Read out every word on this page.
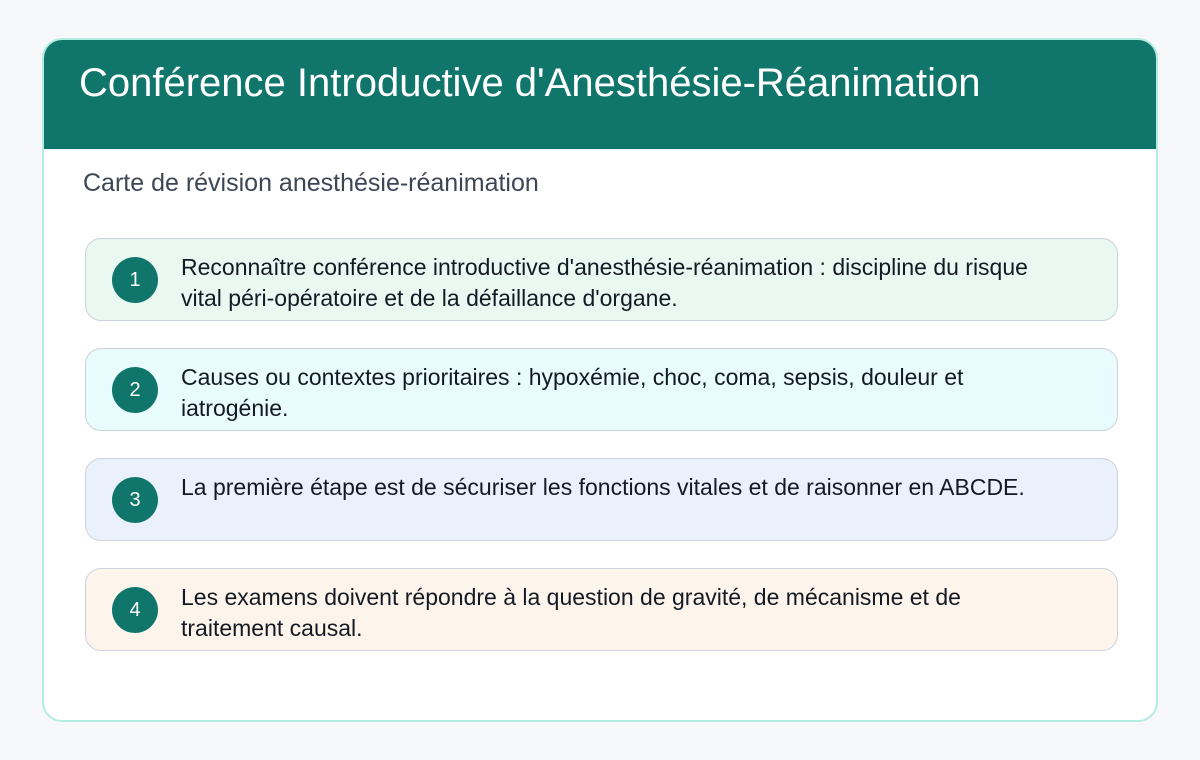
Conférence Introductive d'Anesthésie-Réanimation
Carte de révision anesthésie-réanimation
1	Reconnaître conférence introductive d'anesthésie-réanimation : discipline du risque vital péri-opératoire et de la défaillance d'organe.
2	Causes ou contextes prioritaires : hypoxémie, choc, coma, sepsis, douleur et iatrogénie.
3	La première étape est de sécuriser les fonctions vitales et de raisonner en ABCDE.
4	Les examens doivent répondre à la question de gravité, de mécanisme et de traitement causal.
